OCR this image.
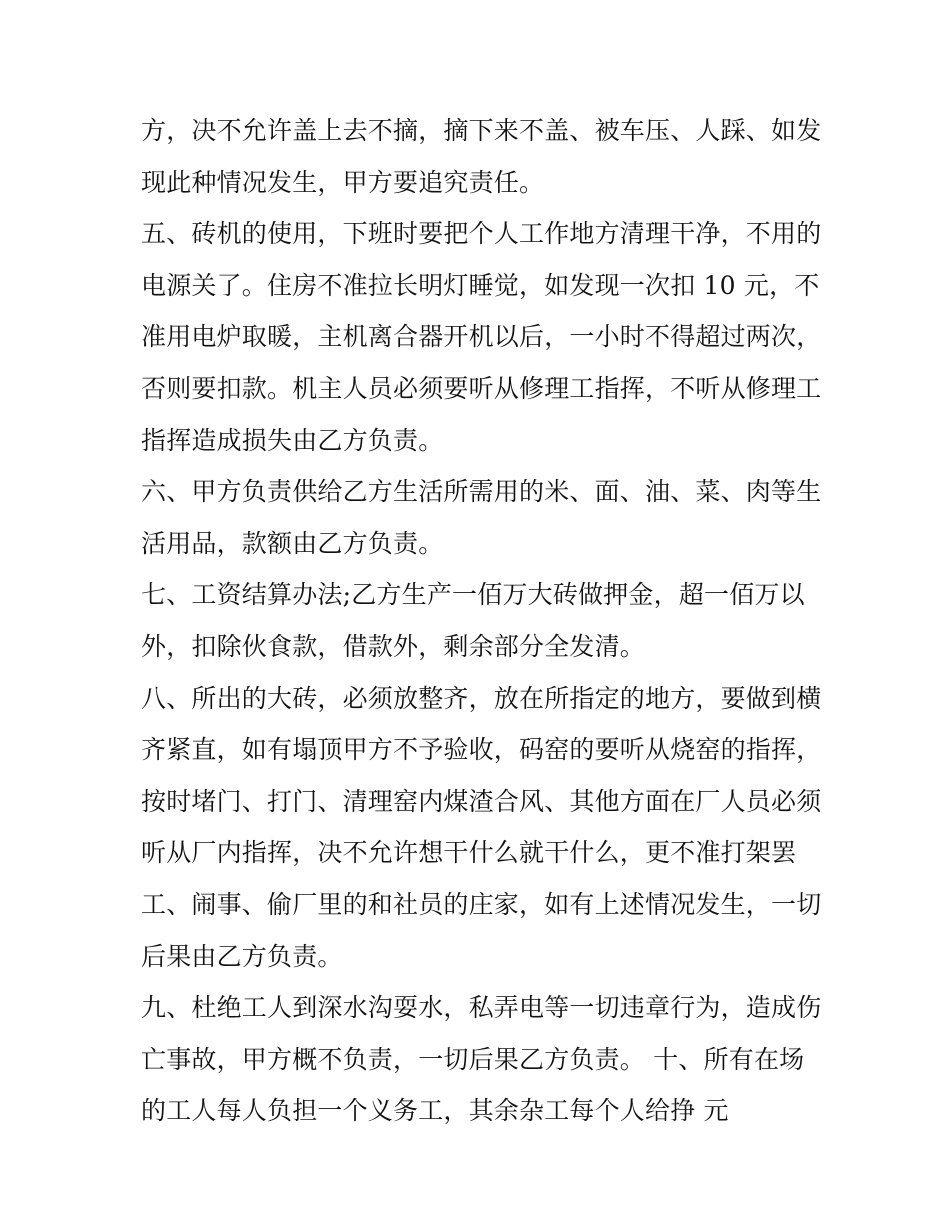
方，决不允许盖上去不摘，摘下来不盖、被车压、人踩、如发
现此种情况发生，甲方要追究责任。
五、砖机的使用，下班时要把个人工作地方清理干净，不用的
电源关了。住房不准拉长明灯睡觉，如发现一次扣 10 元，不
准用电炉取暖，主机离合器开机以后，一小时不得超过两次，
否则要扣款。机主人员必须要听从修理工指挥，不听从修理工
指挥造成损失由乙方负责。
六、甲方负责供给乙方生活所需用的米、面、油、菜、肉等生
活用品，款额由乙方负责。
七、工资结算办法;乙方生产一佰万大砖做押金，超一佰万以
外，扣除伙食款，借款外，剩余部分全发清。
八、所出的大砖，必须放整齐，放在所指定的地方，要做到横
齐紧直，如有塌顶甲方不予验收，码窑的要听从烧窑的指挥，
按时堵门、打门、清理窑内煤渣合风、其他方面在厂人员必须
听从厂内指挥，决不允许想干什么就干什么，更不准打架罢
工、闹事、偷厂里的和社员的庄家，如有上述情况发生，一切
后果由乙方负责。
九、杜绝工人到深水沟耍水，私弄电等一切违章行为，造成伤
亡事故，甲方概不负责，一切后果乙方负责。 十、所有在场
的工人每人负担一个义务工，其余杂工每个人给挣 元
